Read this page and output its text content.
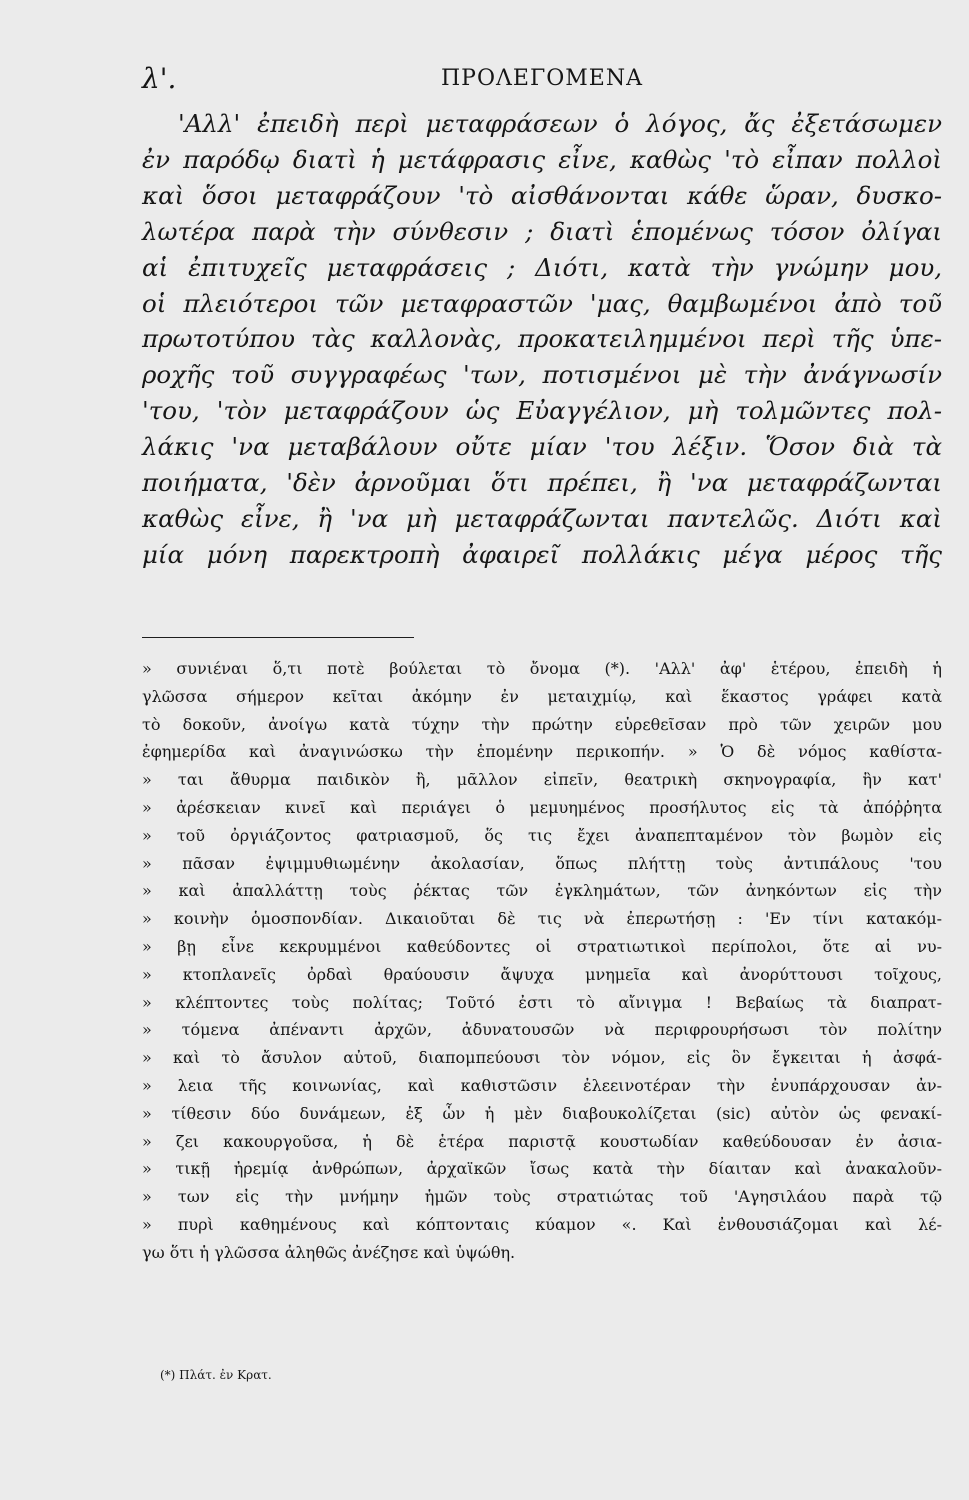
λ'.	ΠΡΟΛΕΓΟΜΕΝΑ
'Αλλ' ἐπειδὴ περὶ μεταφράσεων ὁ λόγος, ἄς ἐξετάσωμεν
ἐν παρόδῳ διατὶ ἡ μετάφρασις εἶνε, καθὼς 'τὸ εἶπαν πολλοὶ
καὶ ὅσοι μεταφράζουν 'τὸ αἰσθάνονται κάθε ὥραν, δυσκο-
λωτέρα παρὰ τὴν σύνθεσιν ; διατὶ ἑπομένως τόσον ὀλίγαι
αἱ ἐπιτυχεῖς μεταφράσεις ; Διότι, κατὰ τὴν γνώμην μου,
οἱ πλειότεροι τῶν μεταφραστῶν 'μας, θαμβωμένοι ἀπὸ τοῦ
πρωτοτύπου τὰς καλλονὰς, προκατειλημμένοι περὶ τῆς ὑπε-
ροχῆς τοῦ συγγραφέως 'των, ποτισμένοι μὲ τὴν ἀνάγνωσίν
'του, 'τὸν μεταφράζουν ὡς Εὐαγγέλιον, μὴ τολμῶντες πολ-
λάκις 'να μεταβάλουν οὔτε μίαν 'του λέξιν. Ὅσον διὰ τὰ
ποιήματα, 'δὲν ἀρνοῦμαι ὅτι πρέπει, ἢ 'να μεταφράζωνται
καθὼς εἶνε, ἢ 'να μὴ μεταφράζωνται παντελῶς. Διότι καὶ
μία μόνη παρεκτροπὴ ἀφαιρεῖ πολλάκις μέγα μέρος τῆς
» συνιέναι ὅ,τι ποτὲ βούλεται τὸ ὄνομα (*). 'Αλλ' ἀφ' ἑτέρου, ἐπειδὴ ἡ
γλῶσσα σήμερον κεῖται ἀκόμην ἐν μεταιχμίῳ, καὶ ἕκαστος γράφει κατὰ
τὸ δοκοῦν, ἀνοίγω κατὰ τύχην τὴν πρώτην εὑρεθεῖσαν πρὸ τῶν χειρῶν μου
ἐφημερίδα καὶ ἀναγινώσκω τὴν ἑπομένην περικοπήν. » Ὁ δὲ νόμος καθίστα-
» ται ἄθυρμα παιδικὸν ἢ, μᾶλλον εἰπεῖν, θεατρικὴ σκηνογραφία, ἣν κατ'
» ἀρέσκειαν κινεῖ καὶ περιάγει ὁ μεμυημένος προσήλυτος εἰς τὰ ἀπόῤῥητα
» τοῦ ὀργιάζοντος φατριασμοῦ, ὅς τις ἔχει ἀναπεπταμένον τὸν βωμὸν εἰς
» πᾶσαν ἐψιμμυθιωμένην ἀκολασίαν, ὅπως πλήττῃ τοὺς ἀντιπάλους 'του
» καὶ ἀπαλλάττῃ τοὺς ῥέκτας τῶν ἐγκλημάτων, τῶν ἀνηκόντων εἰς τὴν
» κοινὴν ὁμοσπονδίαν. Δικαιοῦται δὲ τις νὰ ἐπερωτήσῃ : 'Εν τίνι κατακόμ-
» βῃ εἶνε κεκρυμμένοι καθεύδοντες οἱ στρατιωτικοὶ περίπολοι, ὅτε αἱ νυ-
» κτοπλανεῖς ὀρδαὶ θραύουσιν ἄψυχα μνημεῖα καὶ ἀνορύττουσι τοῖχους,
» κλέπτοντες τοὺς πολίτας; Τοῦτό ἐστι τὸ αἴνιγμα ! Βεβαίως τὰ διαπρατ-
» τόμενα ἀπέναντι ἀρχῶν, ἀδυνατουσῶν νὰ περιφρουρήσωσι τὸν πολίτην
» καὶ τὸ ἄσυλον αὐτοῦ, διαπομπεύουσι τὸν νόμον, εἰς ὃν ἔγκειται ἡ ἀσφά-
» λεια τῆς κοινωνίας, καὶ καθιστῶσιν ἐλεεινοτέραν τὴν ἐνυπάρχουσαν ἀν-
» τίθεσιν δύο δυνάμεων, ἐξ ὧν ἡ μὲν διαβουκολίζεται (sic) αὐτὸν ὡς φενακί-
» ζει κακουργοῦσα, ἡ δὲ ἑτέρα παριστᾷ κουστωδίαν καθεύδουσαν ἐν ἀσια-
» τικῇ ἠρεμίᾳ ἀνθρώπων, ἀρχαϊκῶν ἴσως κατὰ τὴν δίαιταν καὶ ἀνακαλοῦν-
» των εἰς τὴν μνήμην ἡμῶν τοὺς στρατιώτας τοῦ 'Αγησιλάου παρὰ τῷ
» πυρὶ καθημένους καὶ κόπτονταις κύαμον «. Καὶ ἐνθουσιάζομαι καὶ λέ-
γω ὅτι ἡ γλῶσσα ἀληθῶς ἀνέζησε καὶ ὑψώθη.
(*) Πλάτ. ἐν Κρατ.
